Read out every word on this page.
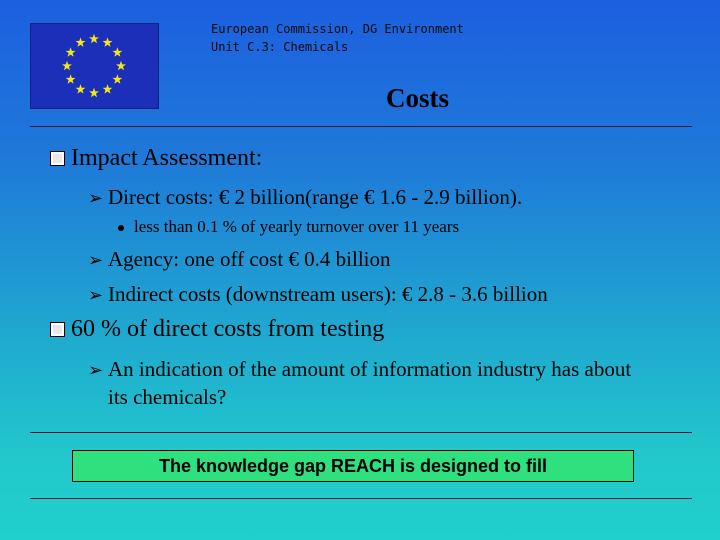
European Commission, DG Environment
Unit C.3: Chemicals
Costs
Impact Assessment:
➢ Direct costs: € 2 billion(range € 1.6 - 2.9 billion).
less than 0.1 % of yearly turnover over 11 years
➢ Agency: one off cost € 0.4 billion
➢ Indirect costs (downstream users): € 2.8 - 3.6 billion
60 % of direct costs from testing
➢ An indication of the amount of information industry has about its chemicals?
The knowledge gap REACH is designed to fill
